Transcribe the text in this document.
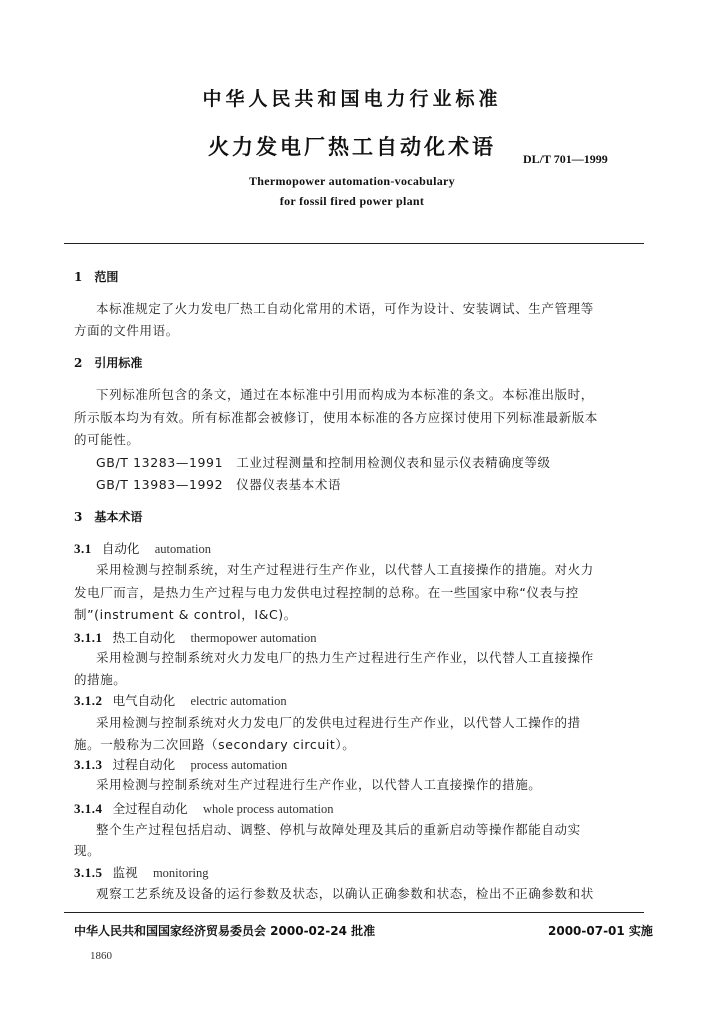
中华人民共和国电力行业标准
火力发电厂热工自动化术语	DL/T 701—1999
Thermopower automation-vocabulary
for fossil fired power plant
1　范围
本标准规定了火力发电厂热工自动化常用的术语，可作为设计、安装调试、生产管理等
方面的文件用语。
2　引用标准
下列标准所包含的条文，通过在本标准中引用而构成为本标准的条文。本标准出版时，
所示版本均为有效。所有标准都会被修订，使用本标准的各方应探讨使用下列标准最新版本
的可能性。
GB/T 13283—1991　工业过程测量和控制用检测仪表和显示仪表精确度等级
GB/T 13983—1992　仪器仪表基本术语
3　基本术语
3.1 自动化 automation
采用检测与控制系统，对生产过程进行生产作业，以代替人工直接操作的措施。对火力
发电厂而言，是热力生产过程与电力发供电过程控制的总称。在一些国家中称“仪表与控
制”(instrument & control，I&C)。
3.1.1 热工自动化 thermopower automation
采用检测与控制系统对火力发电厂的热力生产过程进行生产作业，以代替人工直接操作
的措施。
3.1.2 电气自动化 electric automation
采用检测与控制系统对火力发电厂的发供电过程进行生产作业，以代替人工操作的措
施。一般称为二次回路（secondary circuit）。
3.1.3 过程自动化 process automation
采用检测与控制系统对生产过程进行生产作业，以代替人工直接操作的措施。
3.1.4 全过程自动化 whole process automation
整个生产过程包括启动、调整、停机与故障处理及其后的重新启动等操作都能自动实
现。
3.1.5 监视 monitoring
观察工艺系统及设备的运行参数及状态，以确认正确参数和状态，检出不正确参数和状
中华人民共和国国家经济贸易委员会 2000-02-24 批准	2000-07-01 实施
1860
